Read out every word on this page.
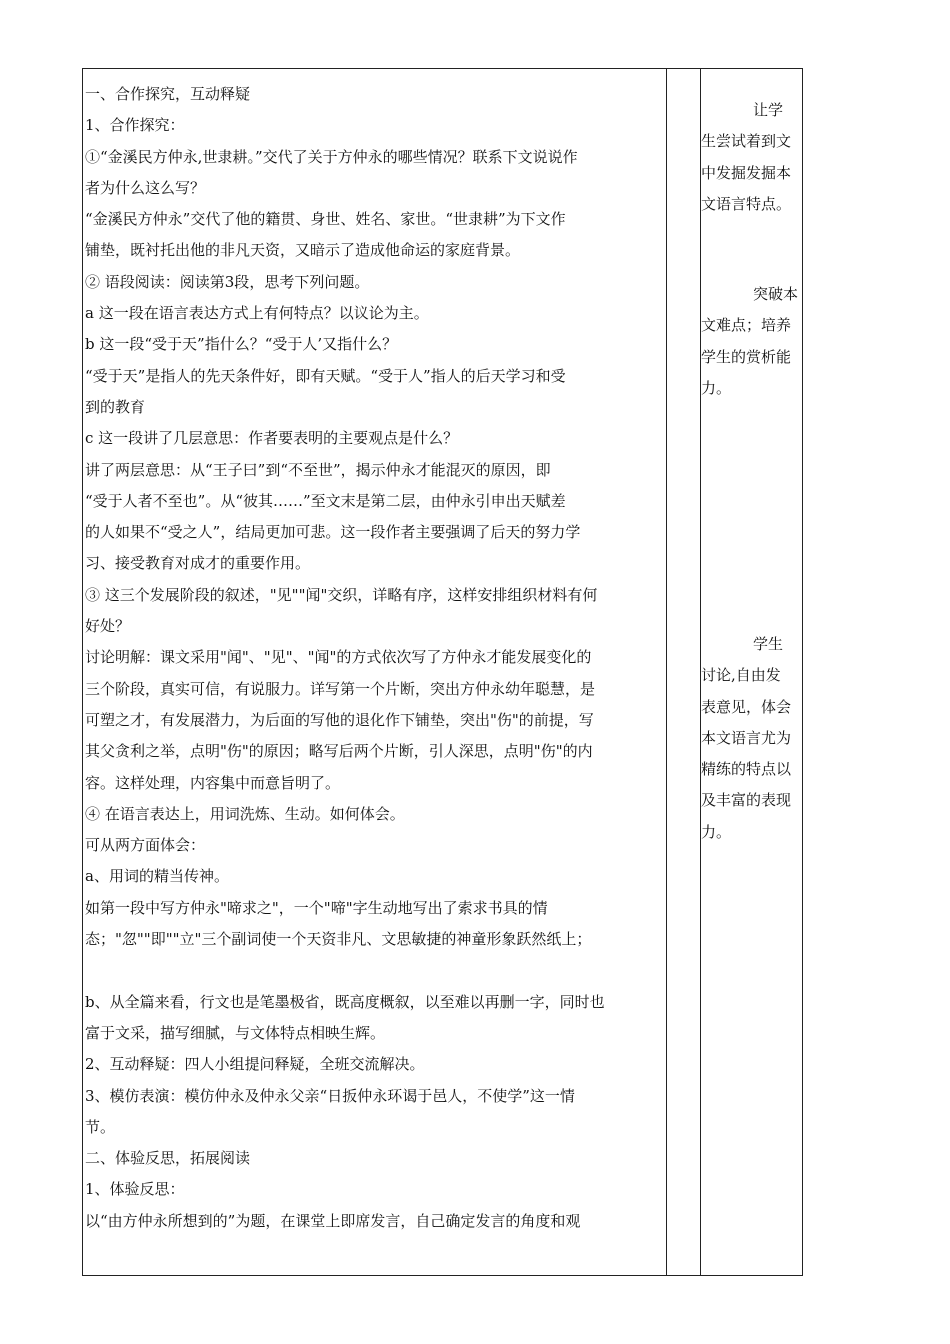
一、合作探究，互动释疑

1、合作探究：

①“金溪民方仲永,世隶耕。”交代了关于方仲永的哪些情况？联系下文说说作

者为什么这么写？

“金溪民方仲永”交代了他的籍贯、身世、姓名、家世。“世隶耕”为下文作

铺垫，既衬托出他的非凡天资，又暗示了造成他命运的家庭背景。

② 语段阅读：阅读第3段，思考下列问题。

a 这一段在语言表达方式上有何特点？以议论为主。

b 这一段“受于天”指什么？“受于人’又指什么？

“受于天”是指人的先天条件好，即有天赋。“受于人”指人的后天学习和受

到的教育

c 这一段讲了几层意思：作者要表明的主要观点是什么？

讲了两层意思：从“王子曰”到“不至世”，揭示仲永才能混灭的原因，即

“受于人者不至也”。从“彼其……”至文末是第二层，由仲永引申出天赋差

的人如果不“受之人”，结局更加可悲。这一段作者主要强调了后天的努力学

习、接受教育对成才的重要作用。

③ 这三个发展阶段的叙述，"见""闻"交织，详略有序，这样安排组织材料有何

好处？

讨论明解：课文采用"闻"、"见"、"闻"的方式依次写了方仲永才能发展变化的

三个阶段，真实可信，有说服力。详写第一个片断，突出方仲永幼年聪慧，是

可塑之才，有发展潜力，为后面的写他的退化作下铺垫，突出"伤"的前提，写

其父贪利之举，点明"伤"的原因；略写后两个片断，引人深思，点明"伤"的内

容。这样处理，内容集中而意旨明了。

④ 在语言表达上，用词洗炼、生动。如何体会。

可从两方面体会：

a、用词的精当传神。

如第一段中写方仲永"啼求之"，一个"啼"字生动地写出了索求书具的情

态；"忽""即""立"三个副词使一个天资非凡、文思敏捷的神童形象跃然纸上；

b、从全篇来看，行文也是笔墨极省，既高度概叙，以至难以再删一字，同时也

富于文采，描写细腻，与文体特点相映生辉。

2、互动释疑：四人小组提问释疑，全班交流解决。

3、模仿表演：模仿仲永及仲永父亲“日扳仲永环谒于邑人，不使学”这一情

节。

二、体验反思，拓展阅读

1、体验反思：

以“由方仲永所想到的”为题，在课堂上即席发言，自己确定发言的角度和观

让学

生尝试着到文

中发掘发掘本

文语言特点。

突破本

文难点；培养

学生的赏析能

力。

学生

讨论,自由发

表意见，体会

本文语言尤为

精练的特点以

及丰富的表现

力。
